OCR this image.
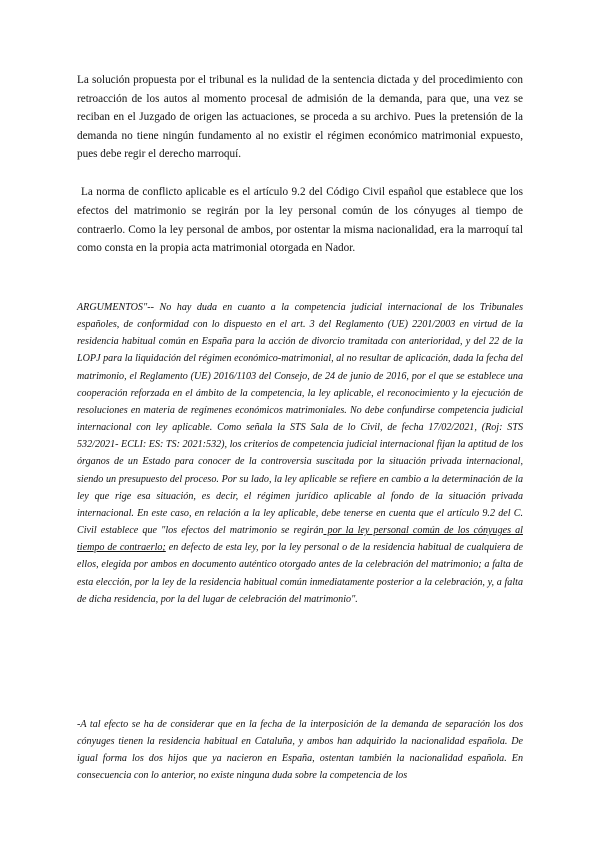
La solución propuesta por el tribunal es la nulidad de la sentencia dictada y del procedimiento con retroacción de los autos al momento procesal de admisión de la demanda, para que, una vez se reciban en el Juzgado de origen las actuaciones, se proceda a su archivo. Pues la pretensión de la demanda no tiene ningún fundamento al no existir el régimen económico matrimonial expuesto, pues debe regir el derecho marroquí.

La norma de conflicto aplicable es el artículo 9.2 del Código Civil español que establece que los efectos del matrimonio se regirán por la ley personal común de los cónyuges al tiempo de contraerlo. Como la ley personal de ambos, por ostentar la misma nacionalidad, era la marroquí tal como consta en la propia acta matrimonial otorgada en Nador.

ARGUMENTOS"-- No hay duda en cuanto a la competencia judicial internacional de los Tribunales españoles, de conformidad con lo dispuesto en el art. 3 del Reglamento (UE) 2201/2003 en virtud de la residencia habitual común en España para la acción de divorcio tramitada con anterioridad, y del 22 de la LOPJ para la liquidación del régimen económico-matrimonial, al no resultar de aplicación, dada la fecha del matrimonio, el Reglamento (UE) 2016/1103 del Consejo, de 24 de junio de 2016, por el que se establece una cooperación reforzada en el ámbito de la competencia, la ley aplicable, el reconocimiento y la ejecución de resoluciones en materia de regímenes económicos matrimoniales. No debe confundirse competencia judicial internacional con ley aplicable. Como señala la STS Sala de lo Civil, de fecha 17/02/2021, (Roj: STS 532/2021- ECLI: ES: TS: 2021:532), los criterios de competencia judicial internacional fijan la aptitud de los órganos de un Estado para conocer de la controversia suscitada por la situación privada internacional, siendo un presupuesto del proceso. Por su lado, la ley aplicable se refiere en cambio a la determinación de la ley que rige esa situación, es decir, el régimen jurídico aplicable al fondo de la situación privada internacional. En este caso, en relación a la ley aplicable, debe tenerse en cuenta que el artículo 9.2 del C. Civil establece que "los efectos del matrimonio se regirán por la ley personal común de los cónyuges al tiempo de contraerlo; en defecto de esta ley, por la ley personal o de la residencia habitual de cualquiera de ellos, elegida por ambos en documento auténtico otorgado antes de la celebración del matrimonio; a falta de esta elección, por la ley de la residencia habitual común inmediatamente posterior a la celebración, y, a falta de dicha residencia, por la del lugar de celebración del matrimonio".

-A tal efecto se ha de considerar que en la fecha de la interposición de la demanda de separación los dos cónyuges tienen la residencia habitual en Cataluña, y ambos han adquirido la nacionalidad española. De igual forma los dos hijos que ya nacieron en España, ostentan también la nacionalidad española. En consecuencia con lo anterior, no existe ninguna duda sobre la competencia de los
